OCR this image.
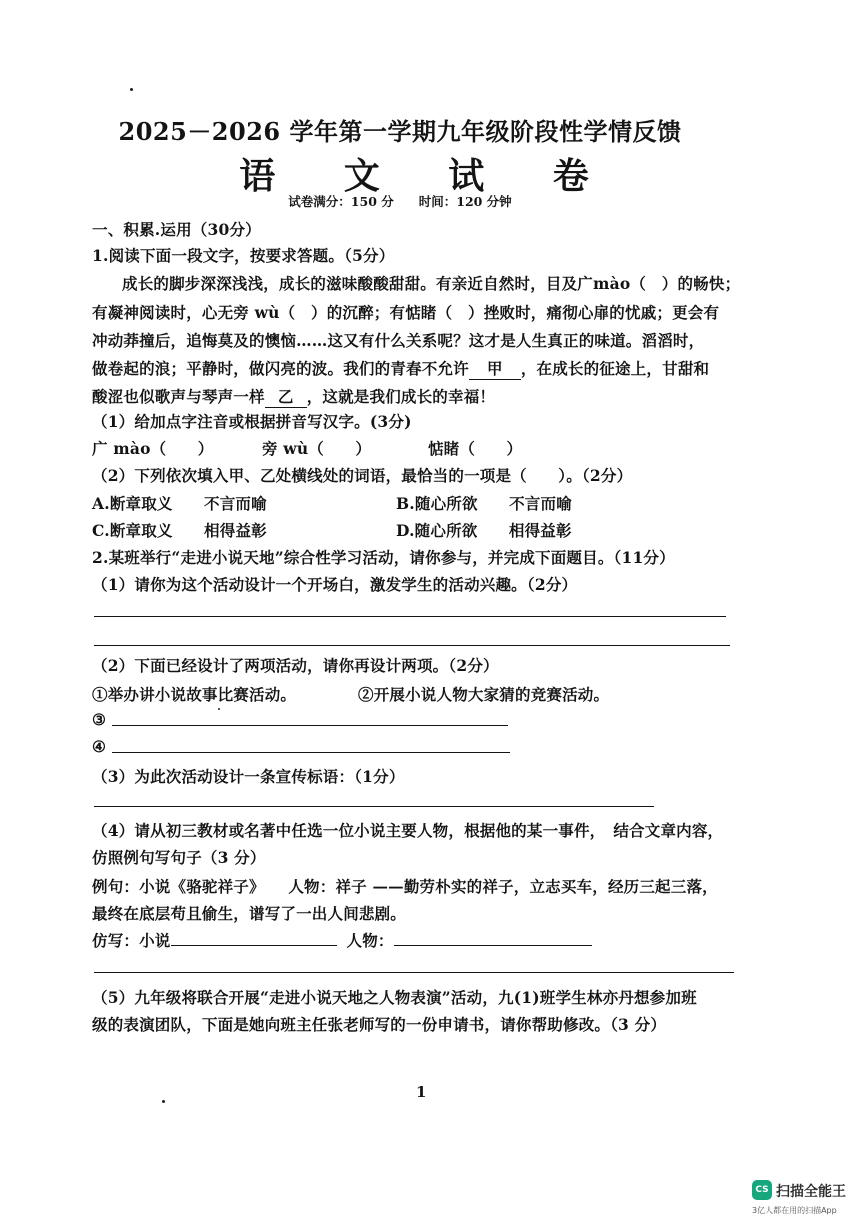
2025－2026 学年第一学期九年级阶段性学情反馈
语 文 试 卷
试卷满分：150 分　　时间：120 分钟
一、积累.运用（30分）
1.阅读下面一段文字，按要求答题。（5分）
成长的脚步深深浅浅，成长的滋味酸酸甜甜。有亲近自然时，目及广mào（　）的畅快；
有凝神阅读时，心无旁 wù（　）的沉醉；有惦睹（　）挫败时，痛彻心扉的忧戚；更会有
冲动莽撞后，追悔莫及的懊恼……这又有什么关系呢？这才是人生真正的味道。滔滔时，
做卷起的浪；平静时，做闪亮的波。我们的青春不允许 甲 ，在成长的征途上，甘甜和
酸涩也似歌声与琴声一样 乙 ，这就是我们成长的幸福！
（1）给加点字注音或根据拼音写汉字。(3分)
广 mào（　　）	旁 wù（　　）	惦睹（　　）
（2）下列依次填入甲、乙处横线处的词语，最恰当的一项是（　　）。（2分）
A.断章取义　　不言而喻	B.随心所欲　　不言而喻
C.断章取义　　相得益彰	D.随心所欲　　相得益彰
2.某班举行“走进小说天地”综合性学习活动，请你参与，并完成下面题目。（11分）
（1）请你为这个活动设计一个开场白，激发学生的活动兴趣。（2分）
（2）下面已经设计了两项活动，请你再设计两项。（2分）
①举办讲小说故事比赛活动。	②开展小说人物大家猜的竞赛活动。
③
④
（3）为此次活动设计一条宣传标语：（1分）
（4）请从初三教材或名著中任选一位小说主要人物，根据他的某一事件，　结合文章内容，
仿照例句写句子（3 分）
例句：小说《骆驼祥子》　　人物：祥子 ——勤劳朴实的祥子，立志买车，经历三起三落，
最终在底层苟且偷生，谱写了一出人间悲剧。
仿写：小说	人物：
（5）九年级将联合开展“走进小说天地之人物表演”活动，九(1)班学生林亦丹想参加班
级的表演团队，下面是她向班主任张老师写的一份申请书，请你帮助修改。（3 分）
1
CS 扫描全能王
3亿人都在用的扫描App
